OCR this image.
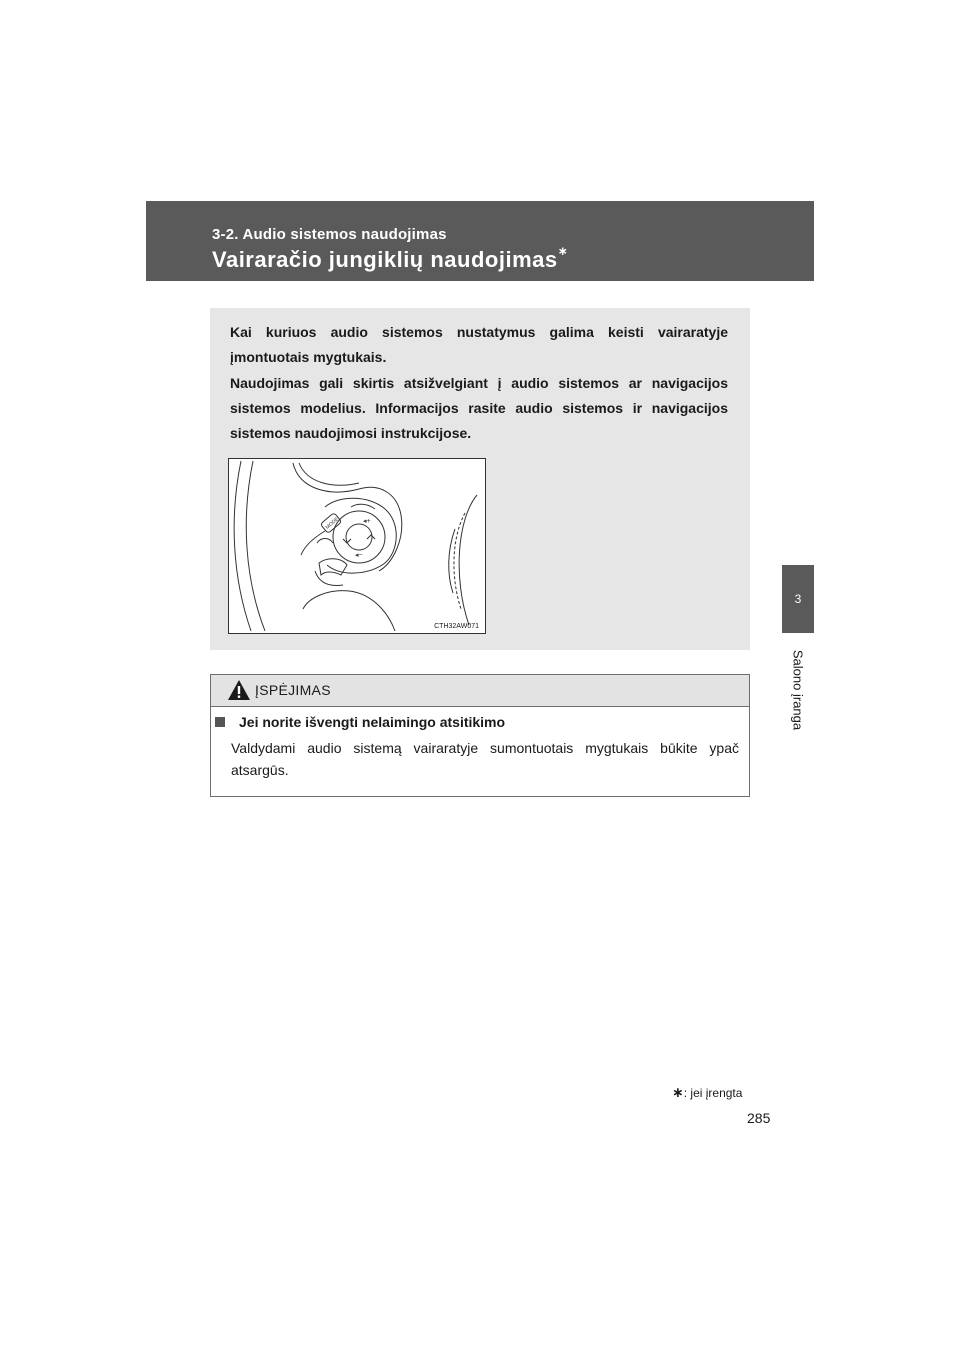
3-2. Audio sistemos naudojimas
Vairaračio jungiklių naudojimas∗
3
Salono įranga

Kai kuriuos audio sistemos nustatymus galima keisti vairaratyje įmontuotais mygtukais.

Naudojimas gali skirtis atsižvelgiant į audio sistemos ar navigacijos sistemos modelius. Informacijos rasite audio sistemos ir navigacijos sistemos naudojimosi instrukcijose.

MODE	◂+
◂−
CTH32AW071
ĮSPĖJIMAS
Jei norite išvengti nelaimingo atsitikimo

Valdydami audio sistemą vairaratyje sumontuotais mygtukais būkite ypač atsargūs.

∗: jei įrengta
285
